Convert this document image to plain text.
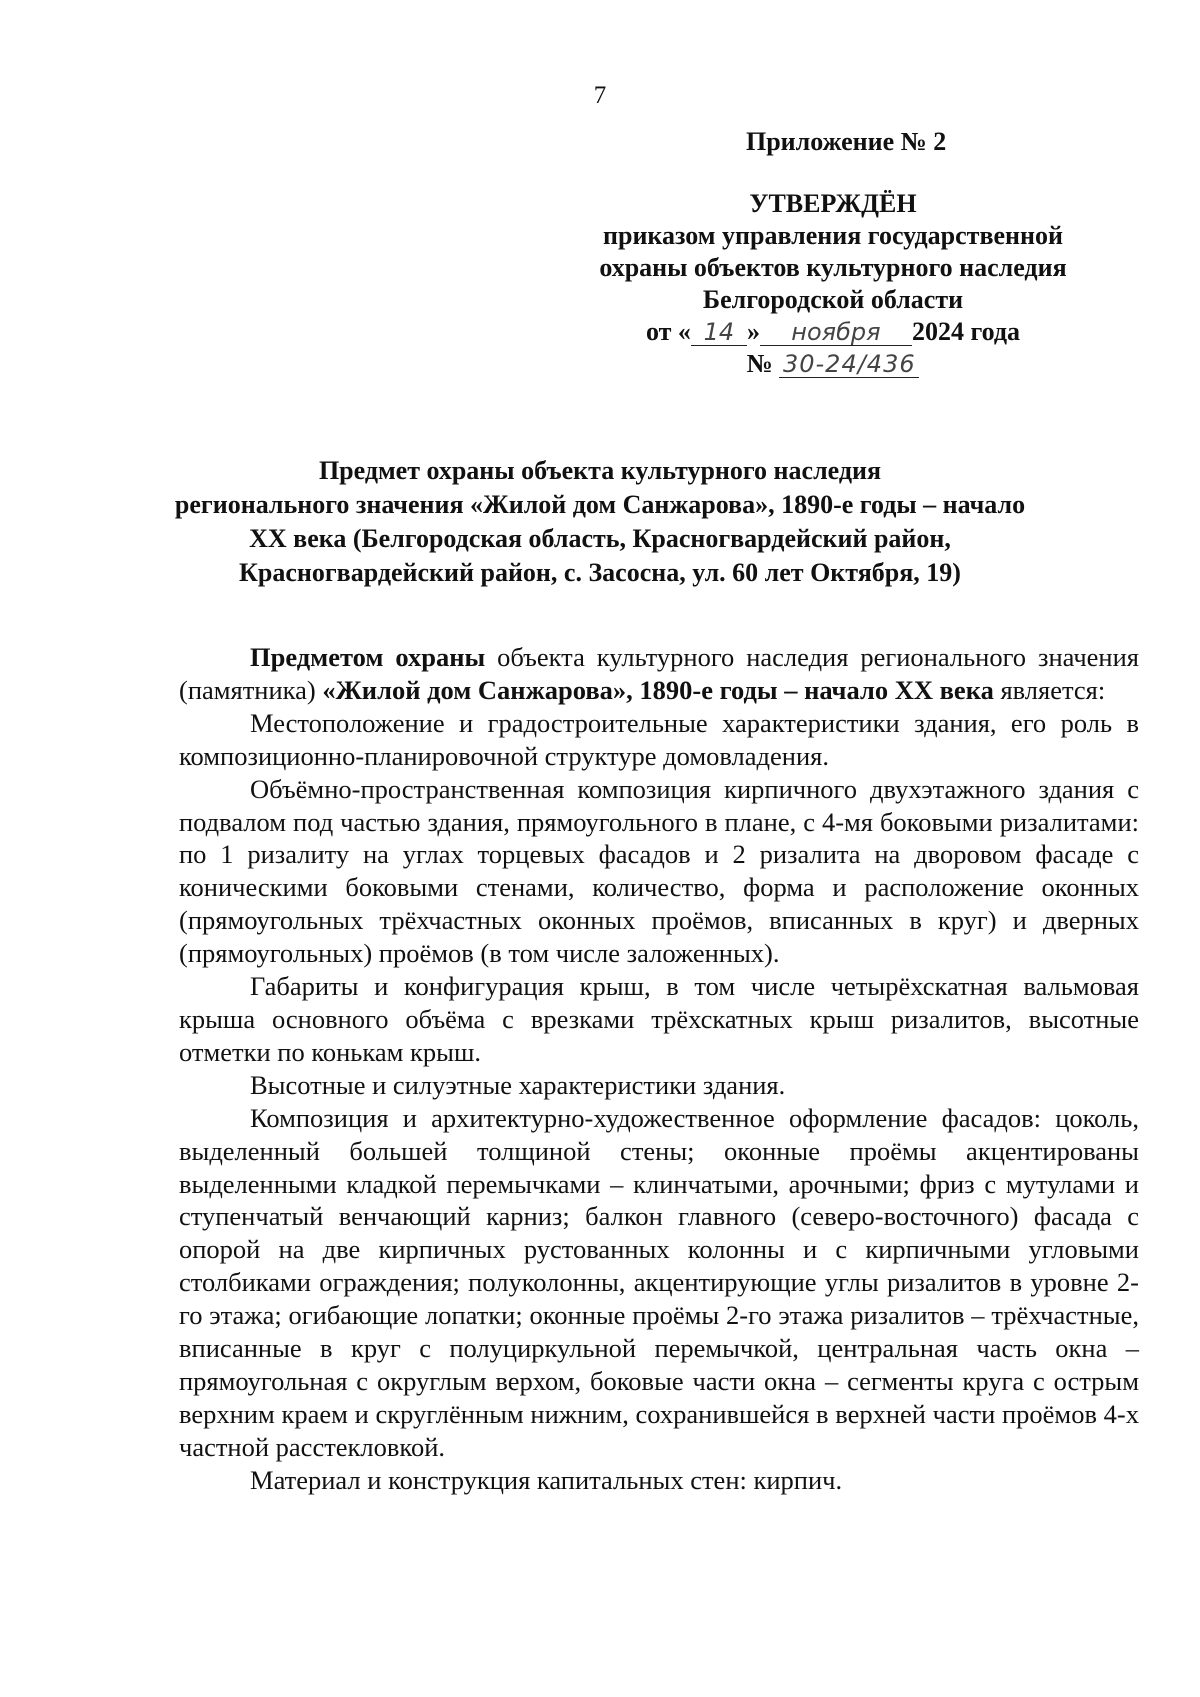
7
Приложение № 2
УТВЕРЖДЁН
приказом управления государственной
охраны объектов культурного наследия
Белгородской области
от « 14 » ноября 2024 года
№ 30-24/436
Предмет охраны объекта культурного наследия
регионального значения «Жилой дом Санжарова», 1890-е годы – начало
XX века (Белгородская область, Красногвардейский район,
Красногвардейский район, с. Засосна, ул. 60 лет Октября, 19)

Предметом охраны объекта культурного наследия регионального значения (памятника) «Жилой дом Санжарова», 1890-е годы – начало XX века является:

Местоположение и градостроительные характеристики здания, его роль в композиционно-планировочной структуре домовладения.

Объёмно-пространственная композиция кирпичного двухэтажного здания с подвалом под частью здания, прямоугольного в плане, с 4-мя боковыми ризалитами: по 1 ризалиту на углах торцевых фасадов и 2 ризалита на дворовом фасаде с коническими боковыми стенами, количество, форма и расположение оконных (прямоугольных трёхчастных оконных проёмов, вписанных в круг) и дверных (прямоугольных) проёмов (в том числе заложенных).

Габариты и конфигурация крыш, в том числе четырёхскатная вальмовая крыша основного объёма с врезками трёхскатных крыш ризалитов, высотные отметки по конькам крыш.

Высотные и силуэтные характеристики здания.

Композиция и архитектурно-художественное оформление фасадов: цоколь, выделенный большей толщиной стены; оконные проёмы акцентированы выделенными кладкой перемычками – клинчатыми, арочными; фриз с мутулами и ступенчатый венчающий карниз; балкон главного (северо-восточного) фасада с опорой на две кирпичных рустованных колонны и с кирпичными угловыми столбиками ограждения; полуколонны, акцентирующие углы ризалитов в уровне 2-го этажа; огибающие лопатки; оконные проёмы 2-го этажа ризалитов – трёхчастные, вписанные в круг с полуциркульной перемычкой, центральная часть окна – прямоугольная с округлым верхом, боковые части окна – сегменты круга с острым верхним краем и скруглённым нижним, сохранившейся в верхней части проёмов 4-х частной расстекловкой.

Материал и конструкция капитальных стен: кирпич.
